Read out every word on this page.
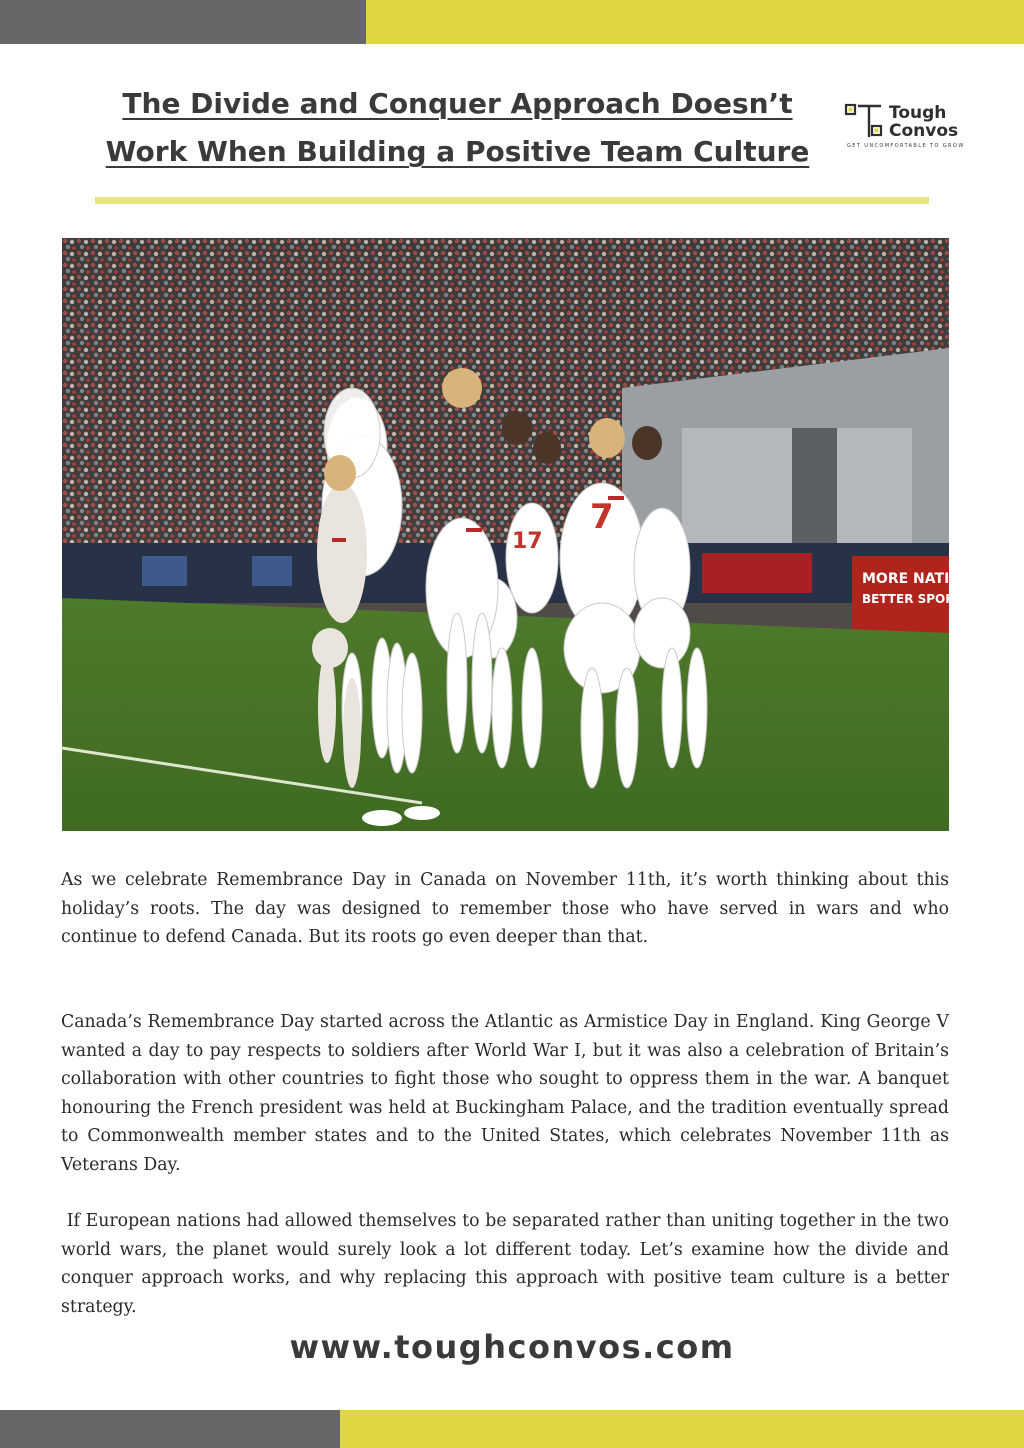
The Divide and Conquer Approach Doesn’t Work When Building a Positive Team Culture
Tough
Convos
GET UNCOMFORTABLE TO GROW
MORE NATI
BETTER SPORTS
7
17

As we celebrate Remembrance Day in Canada on November 11th, it’s worth thinking about this holiday’s roots. The day was designed to remember those who have served in wars and who continue to defend Canada. But its roots go even deeper than that.

Canada’s Remembrance Day started across the Atlantic as Armistice Day in England. King George V wanted a day to pay respects to soldiers after World War I, but it was also a celebration of Britain’s collaboration with other countries to fight those who sought to oppress them in the war. A banquet honouring the French president was held at Buckingham Palace, and the tradition eventually spread to Commonwealth member states and to the United States, which celebrates November 11th as Veterans Day.

If European nations had allowed themselves to be separated rather than uniting together in the two world wars, the planet would surely look a lot different today. Let’s examine how the divide and conquer approach works, and why replacing this approach with positive team culture is a better strategy.

www.toughconvos.com
